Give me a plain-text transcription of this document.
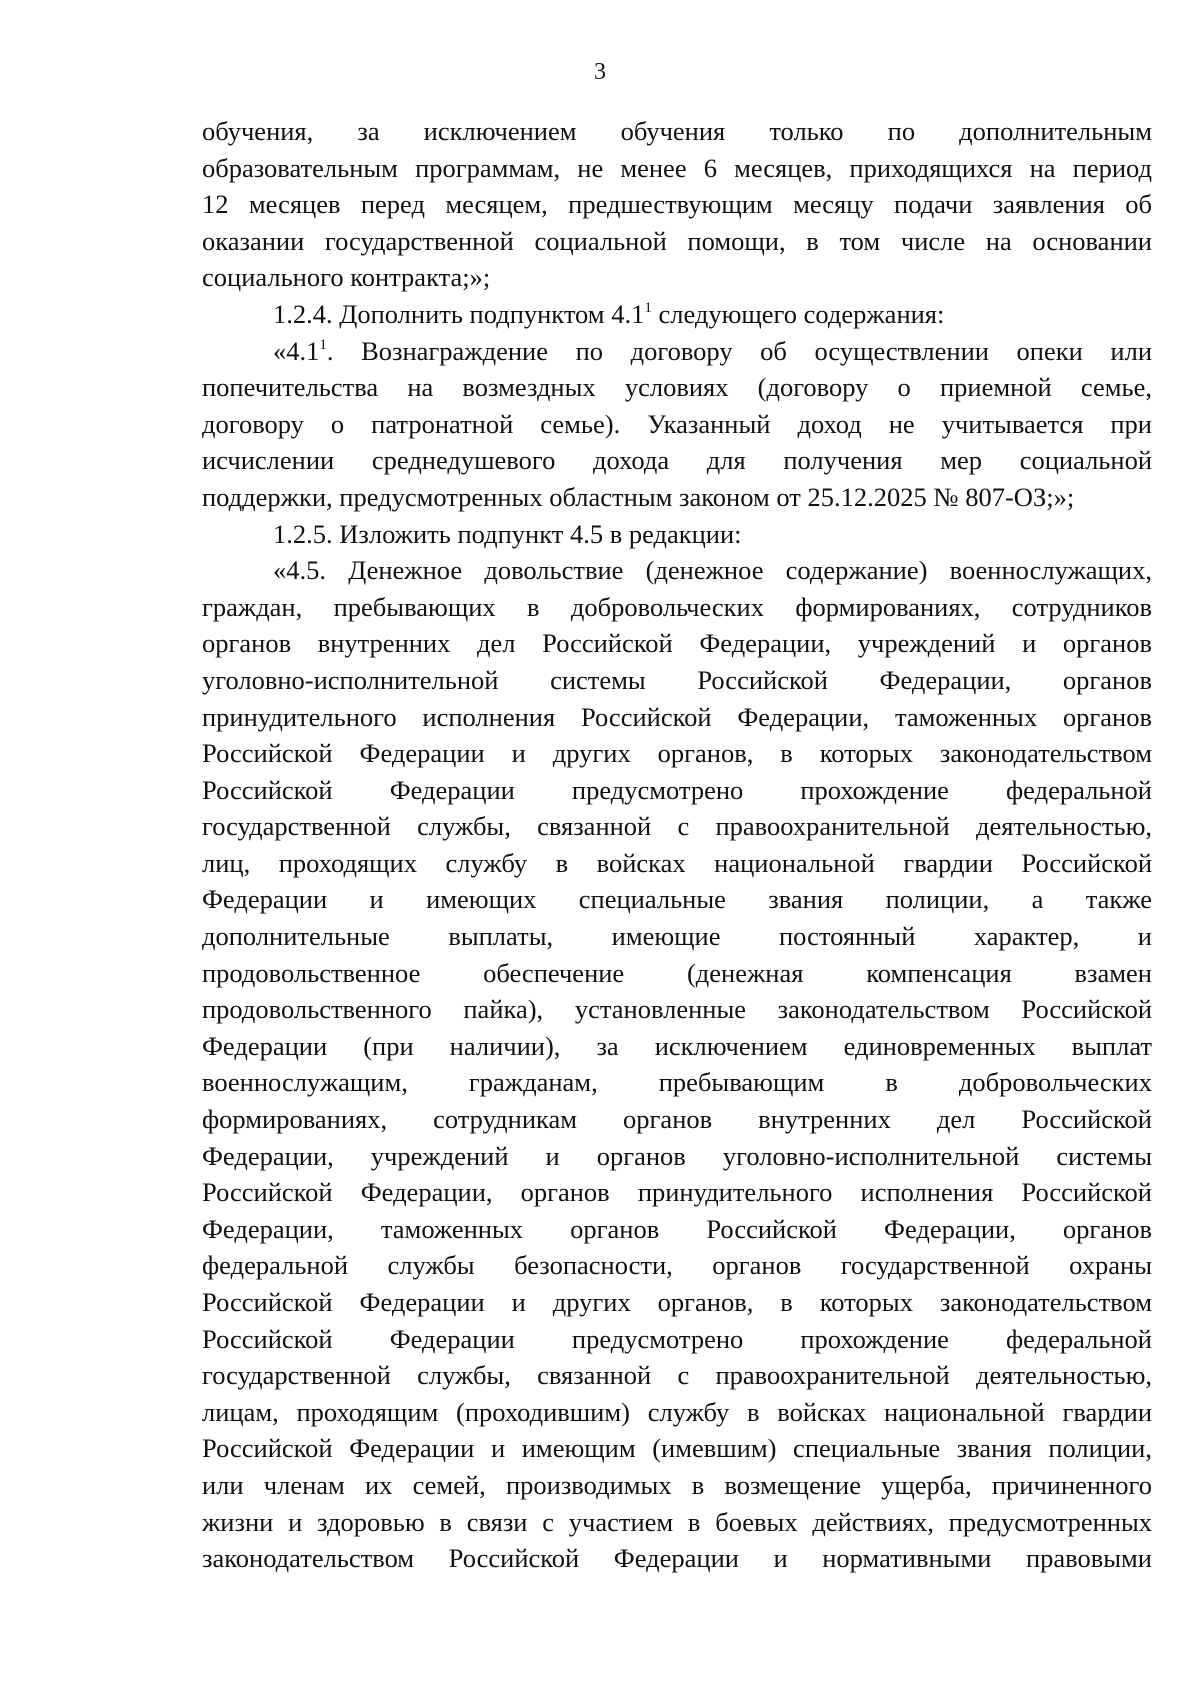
3
обучения, за исключением обучения только по дополнительным
образовательным программам, не менее 6 месяцев, приходящихся на период
12 месяцев перед месяцем, предшествующим месяцу подачи заявления об
оказании государственной социальной помощи, в том числе на основании
социального контракта;»;
1.2.4. Дополнить подпунктом $4.1^1$ следующего содержания:
«$4.1^1$. Вознаграждение по договору об осуществлении опеки или
попечительства на возмездных условиях (договору о приемной семье,
договору о патронатной семье). Указанный доход не учитывается при
исчислении среднедушевого дохода для получения мер социальной
поддержки, предусмотренных областным законом от 25.12.2025 № 807-ОЗ;»;
1.2.5. Изложить подпункт 4.5 в редакции:
«4.5. Денежное довольствие (денежное содержание) военнослужащих,
граждан, пребывающих в добровольческих формированиях, сотрудников
органов внутренних дел Российской Федерации, учреждений и органов
уголовно-исполнительной системы Российской Федерации, органов
принудительного исполнения Российской Федерации, таможенных органов
Российской Федерации и других органов, в которых законодательством
Российской Федерации предусмотрено прохождение федеральной
государственной службы, связанной с правоохранительной деятельностью,
лиц, проходящих службу в войсках национальной гвардии Российской
Федерации и имеющих специальные звания полиции, а также
дополнительные выплаты, имеющие постоянный характер, и
продовольственное обеспечение (денежная компенсация взамен
продовольственного пайка), установленные законодательством Российской
Федерации (при наличии), за исключением единовременных выплат
военнослужащим, гражданам, пребывающим в добровольческих
формированиях, сотрудникам органов внутренних дел Российской
Федерации, учреждений и органов уголовно-исполнительной системы
Российской Федерации, органов принудительного исполнения Российской
Федерации, таможенных органов Российской Федерации, органов
федеральной службы безопасности, органов государственной охраны
Российской Федерации и других органов, в которых законодательством
Российской Федерации предусмотрено прохождение федеральной
государственной службы, связанной с правоохранительной деятельностью,
лицам, проходящим (проходившим) службу в войсках национальной гвардии
Российской Федерации и имеющим (имевшим) специальные звания полиции,
или членам их семей, производимых в возмещение ущерба, причиненного
жизни и здоровью в связи с участием в боевых действиях, предусмотренных
законодательством Российской Федерации и нормативными правовыми
